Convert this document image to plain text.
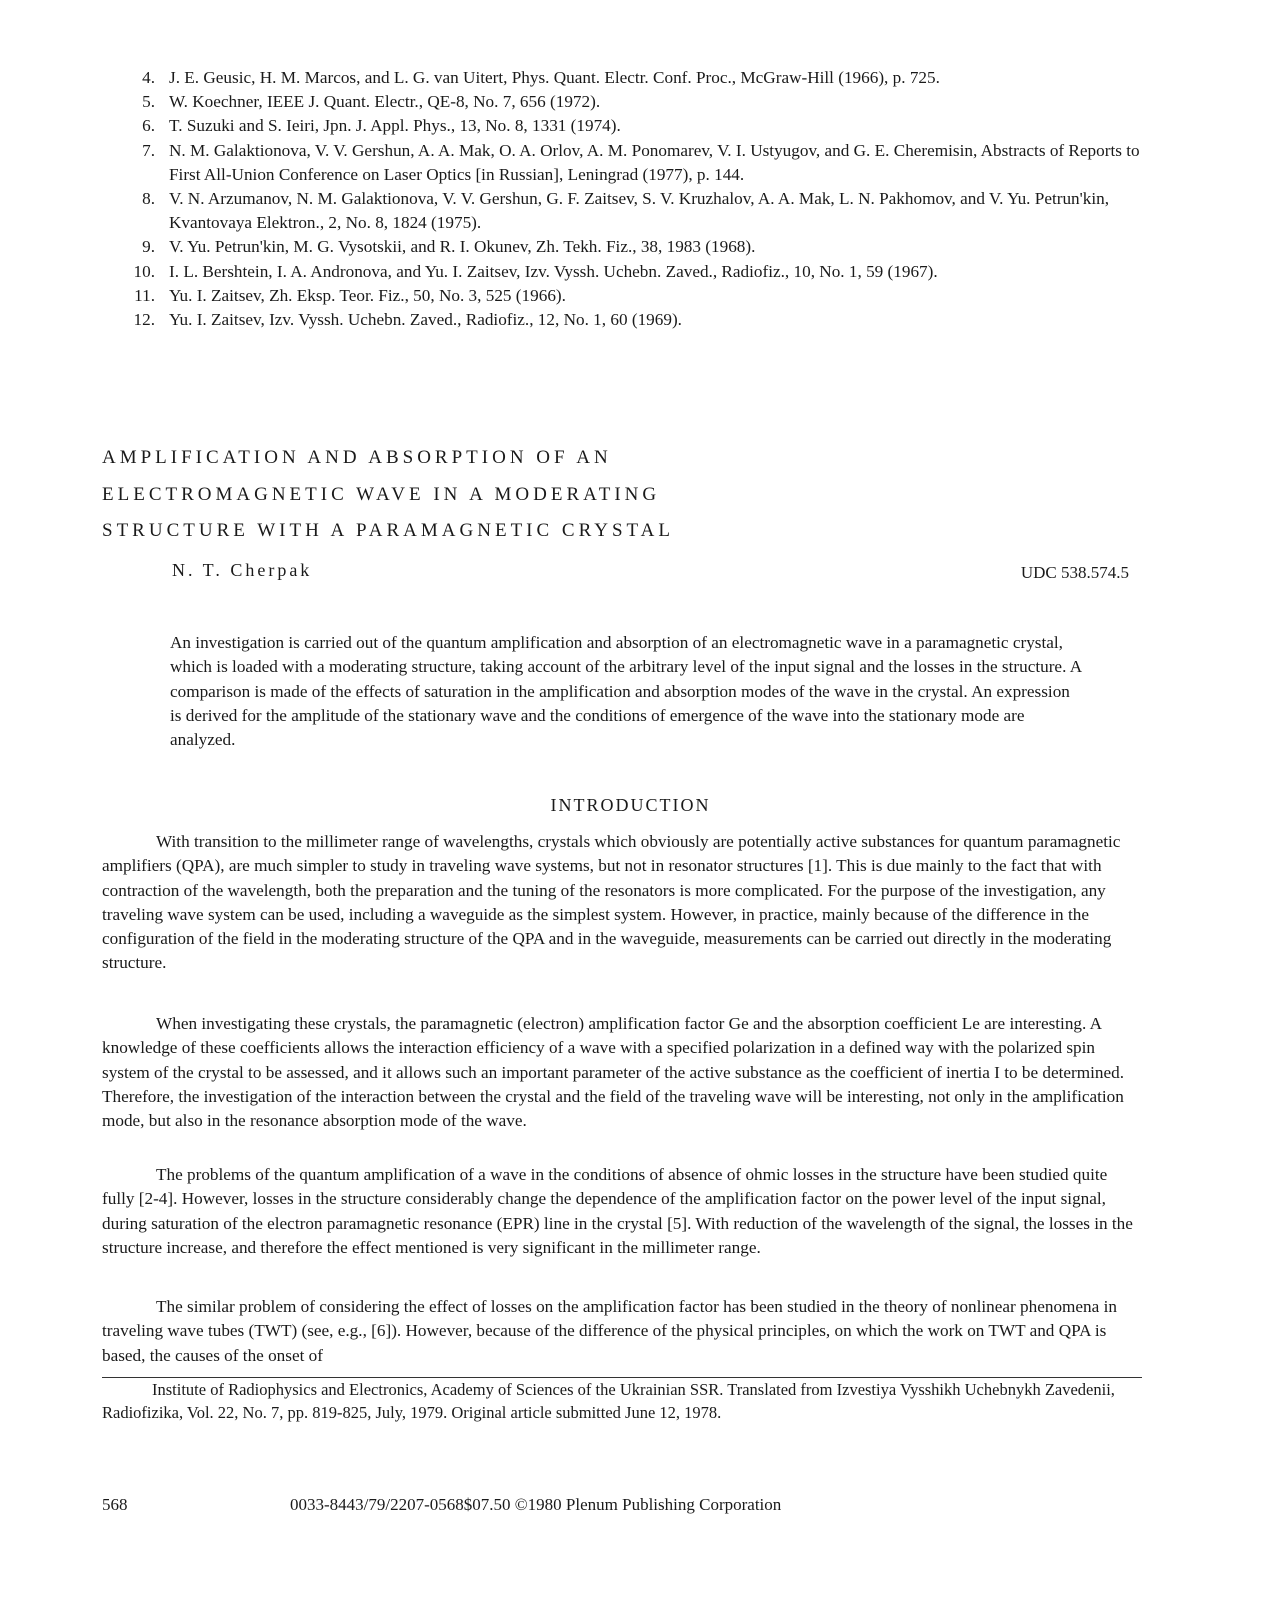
4. J. E. Geusic, H. M. Marcos, and L. G. van Uitert, Phys. Quant. Electr. Conf. Proc., McGraw-Hill (1966), p. 725.
5. W. Koechner, IEEE J. Quant. Electr., QE-8, No. 7, 656 (1972).
6. T. Suzuki and S. Ieiri, Jpn. J. Appl. Phys., 13, No. 8, 1331 (1974).
7. N. M. Galaktionova, V. V. Gershun, A. A. Mak, O. A. Orlov, A. M. Ponomarev, V. I. Ustyugov, and G. E. Cheremisin, Abstracts of Reports to First All-Union Conference on Laser Optics [in Russian], Leningrad (1977), p. 144.
8. V. N. Arzumanov, N. M. Galaktionova, V. V. Gershun, G. F. Zaitsev, S. V. Kruzhalov, A. A. Mak, L. N. Pakhomov, and V. Yu. Petrun'kin, Kvantovaya Elektron., 2, No. 8, 1824 (1975).
9. V. Yu. Petrun'kin, M. G. Vysotskii, and R. I. Okunev, Zh. Tekh. Fiz., 38, 1983 (1968).
10. I. L. Bershtein, I. A. Andronova, and Yu. I. Zaitsev, Izv. Vyssh. Uchebn. Zaved., Radiofiz., 10, No. 1, 59 (1967).
11. Yu. I. Zaitsev, Zh. Eksp. Teor. Fiz., 50, No. 3, 525 (1966).
12. Yu. I. Zaitsev, Izv. Vyssh. Uchebn. Zaved., Radiofiz., 12, No. 1, 60 (1969).
AMPLIFICATION AND ABSORPTION OF AN
ELECTROMAGNETIC WAVE IN A MODERATING
STRUCTURE WITH A PARAMAGNETIC CRYSTAL
N. T. Cherpak	UDC 538.574.5
An investigation is carried out of the quantum amplification and absorption of an electromagnetic wave in a paramagnetic crystal, which is loaded with a moderating structure, taking account of the arbitrary level of the input signal and the losses in the structure. A comparison is made of the effects of saturation in the amplification and absorption modes of the wave in the crystal. An expression is derived for the amplitude of the stationary wave and the conditions of emergence of the wave into the stationary mode are analyzed.
INTRODUCTION

With transition to the millimeter range of wavelengths, crystals which obviously are potentially active substances for quantum paramagnetic amplifiers (QPA), are much simpler to study in traveling wave systems, but not in resonator structures [1]. This is due mainly to the fact that with contraction of the wavelength, both the preparation and the tuning of the resonators is more complicated. For the purpose of the investigation, any traveling wave system can be used, including a waveguide as the simplest system. However, in practice, mainly because of the difference in the configuration of the field in the moderating structure of the QPA and in the waveguide, measurements can be carried out directly in the moderating structure.

When investigating these crystals, the paramagnetic (electron) amplification factor Ge and the absorption coefficient Le are interesting. A knowledge of these coefficients allows the interaction efficiency of a wave with a specified polarization in a defined way with the polarized spin system of the crystal to be assessed, and it allows such an important parameter of the active substance as the coefficient of inertia I to be determined. Therefore, the investigation of the interaction between the crystal and the field of the traveling wave will be interesting, not only in the amplification mode, but also in the resonance absorption mode of the wave.

The problems of the quantum amplification of a wave in the conditions of absence of ohmic losses in the structure have been studied quite fully [2-4]. However, losses in the structure considerably change the dependence of the amplification factor on the power level of the input signal, during saturation of the electron paramagnetic resonance (EPR) line in the crystal [5]. With reduction of the wavelength of the signal, the losses in the structure increase, and therefore the effect mentioned is very significant in the millimeter range.

The similar problem of considering the effect of losses on the amplification factor has been studied in the theory of nonlinear phenomena in traveling wave tubes (TWT) (see, e.g., [6]). However, because of the difference of the physical principles, on which the work on TWT and QPA is based, the causes of the onset of

Institute of Radiophysics and Electronics, Academy of Sciences of the Ukrainian SSR. Translated from Izvestiya Vysshikh Uchebnykh Zavedenii, Radiofizika, Vol. 22, No. 7, pp. 819-825, July, 1979. Original article submitted June 12, 1978.

568	0033-8443/79/2207-0568$07.50 ©1980 Plenum Publishing Corporation
